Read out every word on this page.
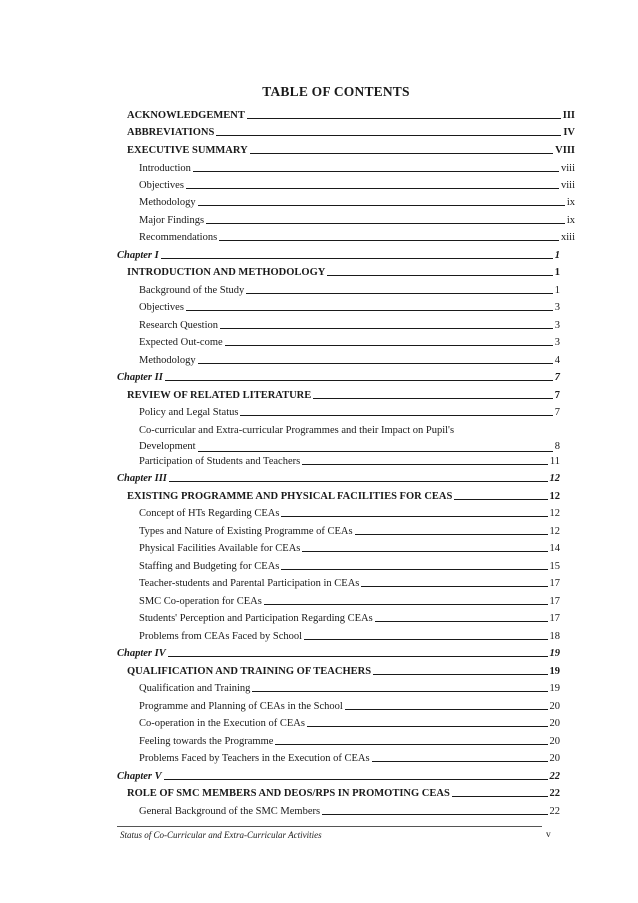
TABLE OF CONTENTS
ACKNOWLEDGEMENT	III
ABBREVIATIONS	IV
EXECUTIVE SUMMARY	VIII
Introduction	viii
Objectives	viii
Methodology	ix
Major Findings	ix
Recommendations	xiii
Chapter I	1
INTRODUCTION AND METHODOLOGY	1
Background of the Study	1
Objectives	3
Research Question	3
Expected Out-come	3
Methodology	4
Chapter II	7
REVIEW OF RELATED LITERATURE	7
Policy and Legal Status	7
Co-curricular and Extra-curricular Programmes and their Impact on Pupil's
Development	8
Participation of Students and Teachers	11
Chapter III	12
EXISTING PROGRAMME AND PHYSICAL FACILITIES FOR CEAS	12
Concept of HTs Regarding CEAs	12
Types and Nature of Existing Programme of CEAs	12
Physical Facilities Available for CEAs	14
Staffing and Budgeting for CEAs	15
Teacher-students and Parental Participation in CEAs	17
SMC Co-operation for CEAs	17
Students' Perception and Participation Regarding CEAs	17
Problems from CEAs Faced by School	18
Chapter IV	19
QUALIFICATION AND TRAINING OF TEACHERS	19
Qualification and Training	19
Programme and Planning of CEAs in the School	20
Co-operation in the Execution of CEAs	20
Feeling towards the Programme	20
Problems Faced by Teachers in the Execution of CEAs	20
Chapter V	22
ROLE OF SMC MEMBERS AND DEOS/RPS IN PROMOTING CEAS	22
General Background of the SMC Members	22
Status of Co-Curricular and Extra-Curricular Activities	v
